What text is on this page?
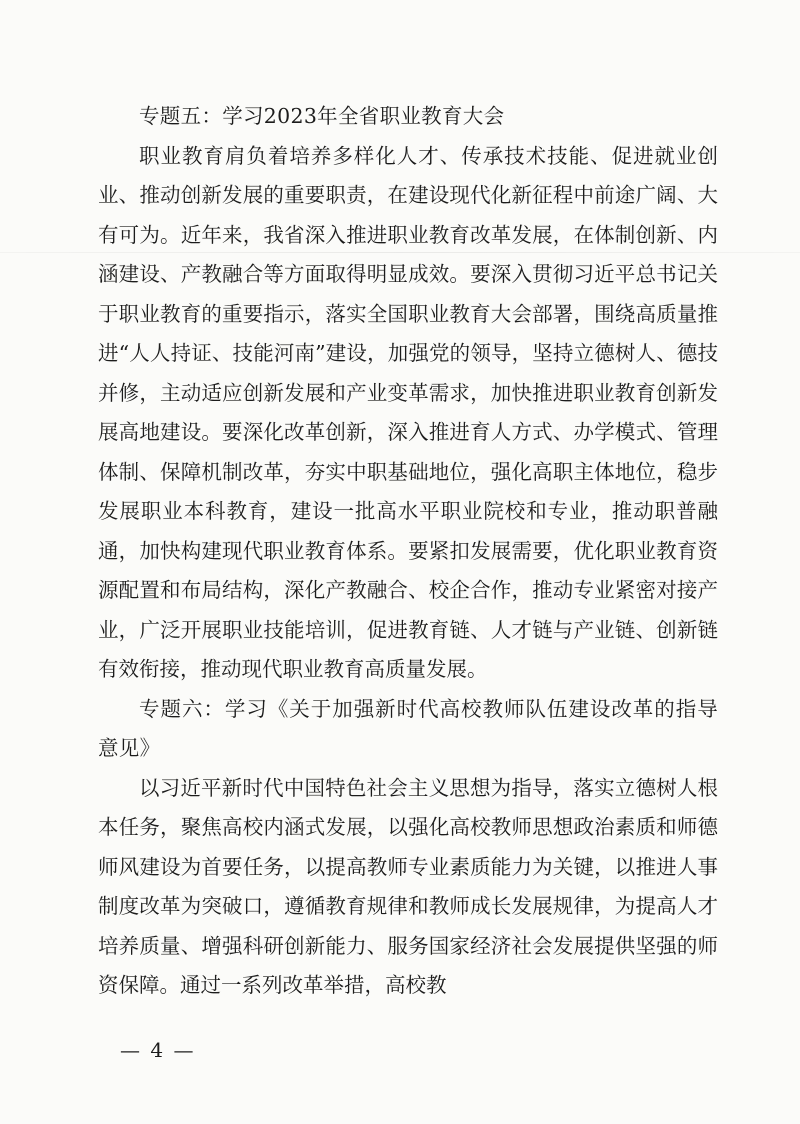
专题五：学习2023年全省职业教育大会

职业教育肩负着培养多样化人才、传承技术技能、促进就业创业、推动创新发展的重要职责，在建设现代化新征程中前途广阔、大有可为。近年来，我省深入推进职业教育改革发展，在体制创新、内涵建设、产教融合等方面取得明显成效。要深入贯彻习近平总书记关于职业教育的重要指示，落实全国职业教育大会部署，围绕高质量推进“人人持证、技能河南”建设，加强党的领导，坚持立德树人、德技并修，主动适应创新发展和产业变革需求，加快推进职业教育创新发展高地建设。要深化改革创新，深入推进育人方式、办学模式、管理体制、保障机制改革，夯实中职基础地位，强化高职主体地位，稳步发展职业本科教育，建设一批高水平职业院校和专业，推动职普融通，加快构建现代职业教育体系。要紧扣发展需要，优化职业教育资源配置和布局结构，深化产教融合、校企合作，推动专业紧密对接产业，广泛开展职业技能培训，促进教育链、人才链与产业链、创新链有效衔接，推动现代职业教育高质量发展。

专题六：学习《关于加强新时代高校教师队伍建设改革的指导意见》

以习近平新时代中国特色社会主义思想为指导，落实立德树人根本任务，聚焦高校内涵式发展，以强化高校教师思想政治素质和师德师风建设为首要任务，以提高教师专业素质能力为关键，以推进人事制度改革为突破口，遵循教育规律和教师成长发展规律，为提高人才培养质量、增强科研创新能力、服务国家经济社会发展提供坚强的师资保障。通过一系列改革举措，高校教

— 4 —
